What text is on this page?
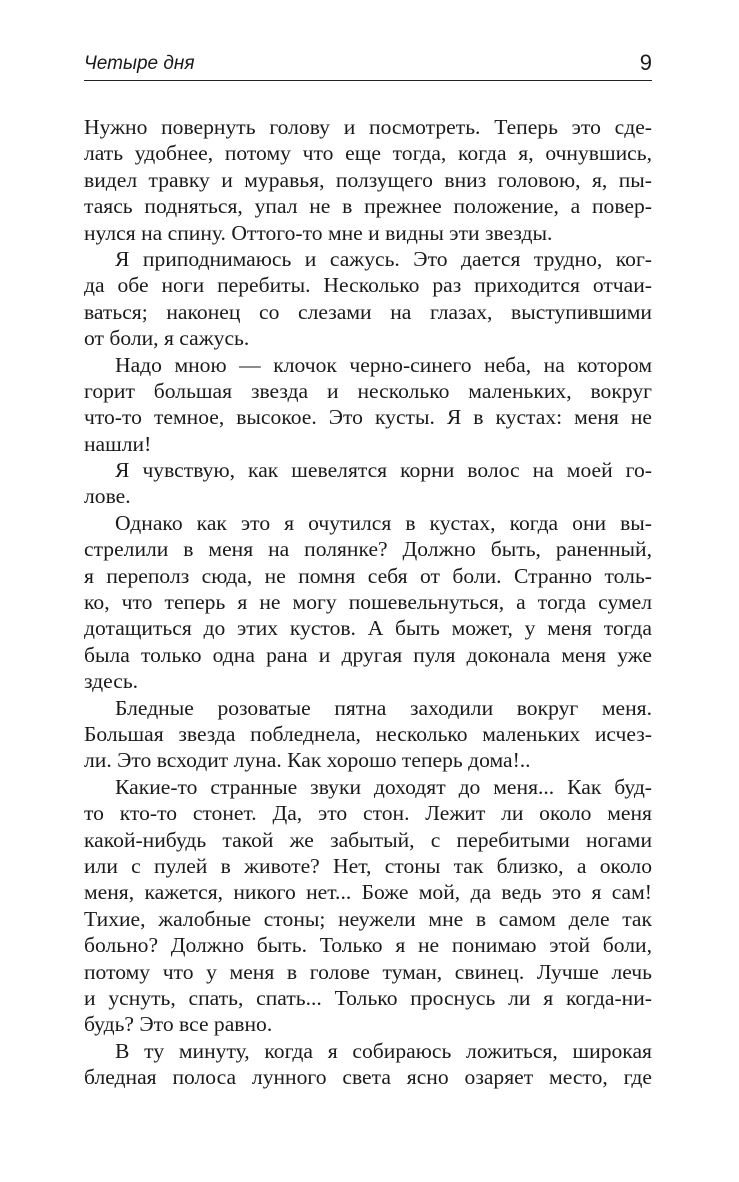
Четыре дня	9
Нужно повернуть голову и посмотреть. Теперь это сде-
лать удобнее, потому что еще тогда, когда я, очнувшись,
видел травку и муравья, ползущего вниз головою, я, пы-
таясь подняться, упал не в прежнее положение, а повер-
нулся на спину. Оттого-то мне и видны эти звезды.
Я приподнимаюсь и сажусь. Это дается трудно, ког-
да обе ноги перебиты. Несколько раз приходится отчаи-
ваться; наконец со слезами на глазах, выступившими
от боли, я сажусь.
Надо мною — клочок черно-синего неба, на котором
горит большая звезда и несколько маленьких, вокруг
что-то темное, высокое. Это кусты. Я в кустах: меня не
нашли!
Я чувствую, как шевелятся корни волос на моей го-
лове.
Однако как это я очутился в кустах, когда они вы-
стрелили в меня на полянке? Должно быть, раненный,
я переполз сюда, не помня себя от боли. Странно толь-
ко, что теперь я не могу пошевельнуться, а тогда сумел
дотащиться до этих кустов. А быть может, у меня тогда
была только одна рана и другая пуля доконала меня уже
здесь.
Бледные розоватые пятна заходили вокруг меня.
Большая звезда побледнела, несколько маленьких исчез-
ли. Это всходит луна. Как хорошо теперь дома!..
Какие-то странные звуки доходят до меня... Как буд-
то кто-то стонет. Да, это стон. Лежит ли около меня
какой-нибудь такой же забытый, с перебитыми ногами
или с пулей в животе? Нет, стоны так близко, а около
меня, кажется, никого нет... Боже мой, да ведь это я сам!
Тихие, жалобные стоны; неужели мне в самом деле так
больно? Должно быть. Только я не понимаю этой боли,
потому что у меня в голове туман, свинец. Лучше лечь
и уснуть, спать, спать... Только проснусь ли я когда-ни-
будь? Это все равно.
В ту минуту, когда я собираюсь ложиться, широкая
бледная полоса лунного света ясно озаряет место, где
